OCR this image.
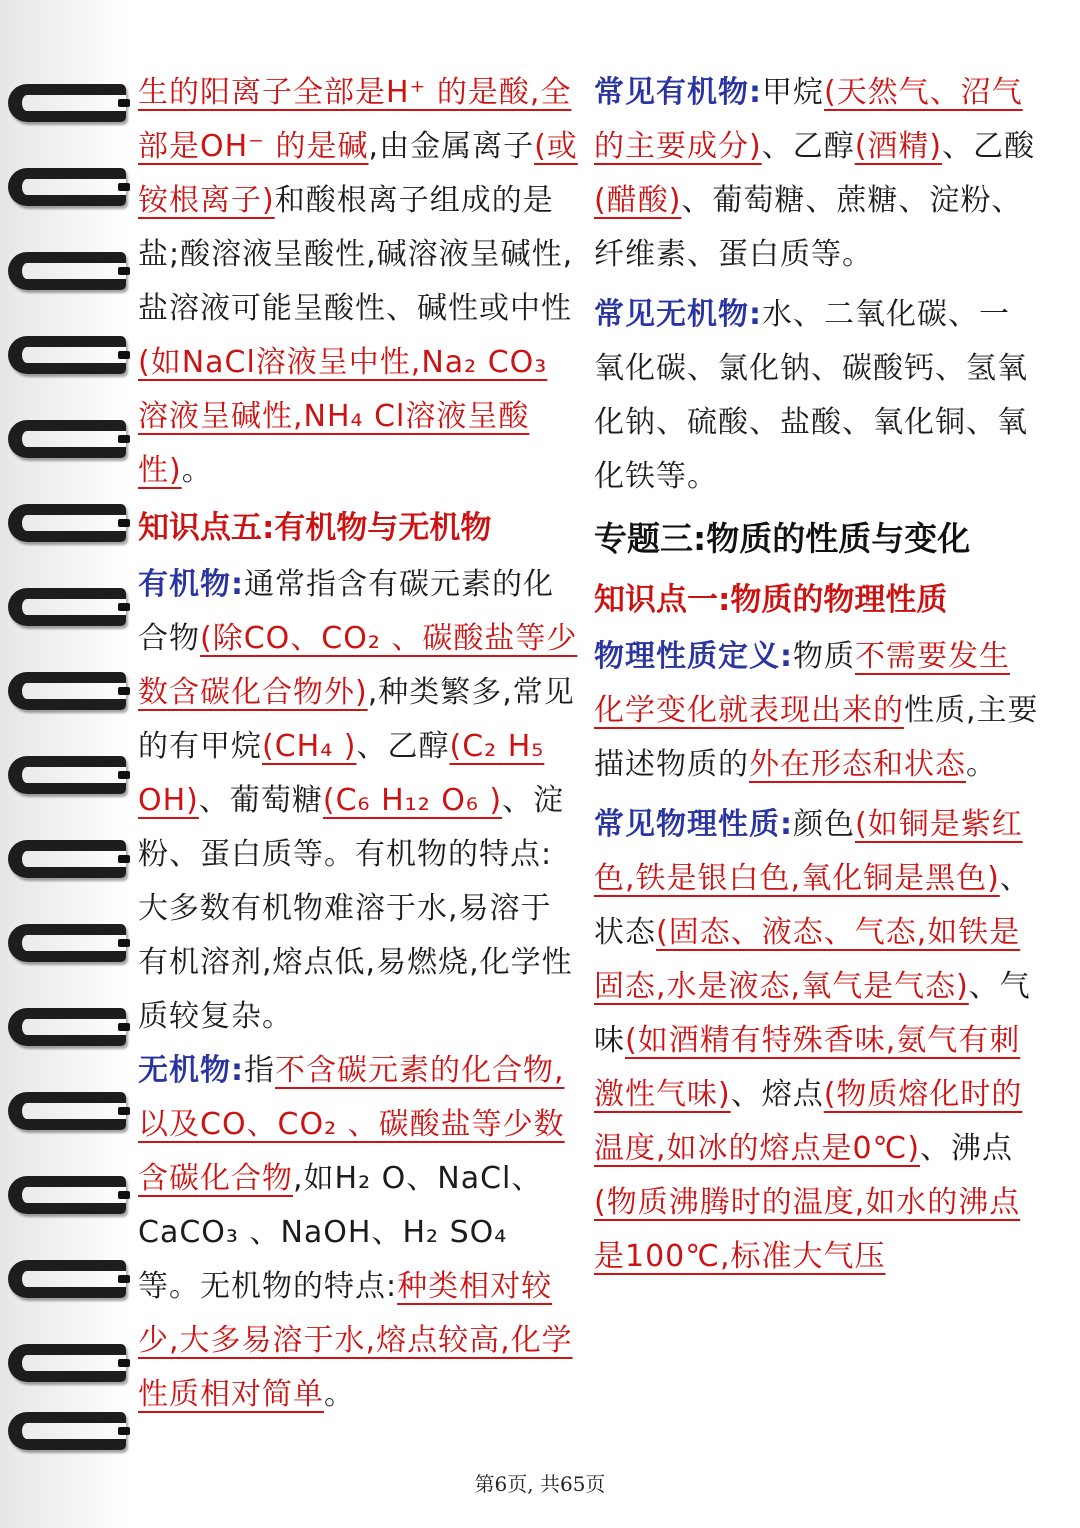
生的阳离子全部是H⁺ 的是酸,全部是OH⁻ 的是碱,由金属离子(或铵根离子)和酸根离子组成的是盐;酸溶液呈酸性,碱溶液呈碱性,盐溶液可能呈酸性、碱性或中性(如NaCl溶液呈中性,Na₂ CO₃ 溶液呈碱性,NH₄ Cl溶液呈酸性)。

知识点五:有机物与无机物

有机物:通常指含有碳元素的化合物(除CO、CO₂ 、碳酸盐等少数含碳化合物外),种类繁多,常见的有甲烷(CH₄ )、乙醇(C₂ H₅ OH)、葡萄糖(C₆ H₁₂ O₆ )、淀粉、蛋白质等。有机物的特点:大多数有机物难溶于水,易溶于有机溶剂,熔点低,易燃烧,化学性质较复杂。

无机物:指不含碳元素的化合物,以及CO、CO₂ 、碳酸盐等少数含碳化合物,如H₂ O、NaCl、CaCO₃ 、NaOH、H₂ SO₄ 等。无机物的特点:种类相对较少,大多易溶于水,熔点较高,化学性质相对简单。

常见有机物:甲烷(天然气、沼气的主要成分)、乙醇(酒精)、乙酸(醋酸)、葡萄糖、蔗糖、淀粉、纤维素、蛋白质等。

常见无机物:水、二氧化碳、一氧化碳、氯化钠、碳酸钙、氢氧化钠、硫酸、盐酸、氧化铜、氧化铁等。

专题三:物质的性质与变化
知识点一:物质的物理性质

物理性质定义:物质不需要发生化学变化就表现出来的性质,主要描述物质的外在形态和状态。

常见物理性质:颜色(如铜是紫红色,铁是银白色,氧化铜是黑色)、状态(固态、液态、气态,如铁是固态,水是液态,氧气是气态)、气味(如酒精有特殊香味,氨气有刺激性气味)、熔点(物质熔化时的温度,如冰的熔点是0℃)、沸点(物质沸腾时的温度,如水的沸点是100℃,标准大气压

第6页, 共65页
